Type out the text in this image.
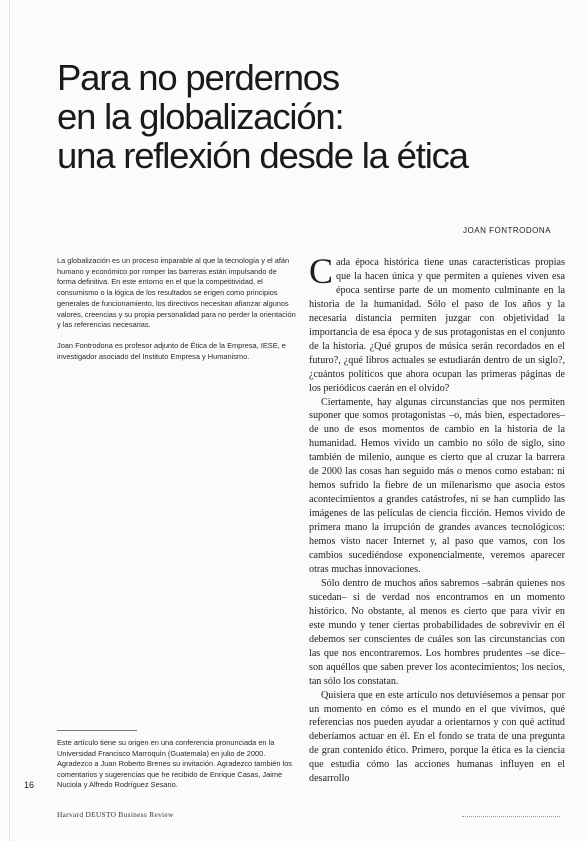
Para no perdernos
en la globalización:
una reflexión desde la ética
JOAN FONTRODONA

La globalización es un proceso imparable al que la tecnología y el afán humano y económico por romper las barreras están impulsando de forma definitiva. En este entorno en el que la competitividad, el consumismo o la lógica de los resultados se erigen como principios generales de funcionamiento, los directivos necesitan afianzar algunos valores, creencias y su propia personalidad para no perder la orientación y las referencias necesarias.

Joan Fontrodona es profesor adjunto de Ética de la Empresa, IESE, e investigador asociado del Instituto Empresa y Humanismo.

Cada época histórica tiene unas características propias que la hacen única y que permiten a quienes viven esa época sentirse parte de un momento culminante en la historia de la humanidad. Sólo el paso de los años y la necesaria distancia permiten juzgar con objetividad la importancia de esa época y de sus protagonistas en el conjunto de la historia. ¿Qué grupos de música serán recordados en el futuro?, ¿qué libros actuales se estudiarán dentro de un siglo?, ¿cuántos políticos que ahora ocupan las primeras páginas de los periódicos caerán en el olvido?

Ciertamente, hay algunas circunstancias que nos permiten suponer que somos protagonistas –o, más bien, espectadores– de uno de esos momentos de cambio en la historia de la humanidad. Hemos vivido un cambio no sólo de siglo, sino también de milenio, aunque es cierto que al cruzar la barrera de 2000 las cosas han seguido más o menos como estaban: ni hemos sufrido la fiebre de un milenarismo que asocia estos acontecimientos a grandes catástrofes, ni se han cumplido las imágenes de las películas de ciencia ficción. Hemos vivido de primera mano la irrupción de grandes avances tecnológicos: hemos visto nacer Internet y, al paso que vamos, con los cambios sucediéndose exponencialmente, veremos aparecer otras muchas innovaciones.

Sólo dentro de muchos años sabremos –sabrán quienes nos sucedan– si de verdad nos encontramos en un momento histórico. No obstante, al menos es cierto que para vivir en este mundo y tener ciertas probabilidades de sobrevivir en él debemos ser conscientes de cuáles son las circunstancias con las que nos encontraremos. Los hombres prudentes –se dice– son aquéllos que saben prever los acontecimientos; los necios, tan sólo los constatan.

Quisiera que en este artículo nos detuviésemos a pensar por un momento en cómo es el mundo en el que vivimos, qué referencias nos pueden ayudar a orientarnos y con qué actitud deberíamos actuar en él. En el fondo se trata de una pregunta de gran contenido ético. Primero, porque la ética es la ciencia que estudia cómo las acciones humanas influyen en el desarrollo

Este artículo tiene su origen en una conferencia pronunciada en la Universidad Francisco Marroquín (Guatemala) en julio de 2000. Agradezco a Juan Roberto Brenes su invitación. Agradezco también los comentarios y sugerencias que he recibido de Enrique Casas, Jaime Nuciola y Alfredo Rodríguez Sesano.
16
Harvard DEUSTO Business Review
